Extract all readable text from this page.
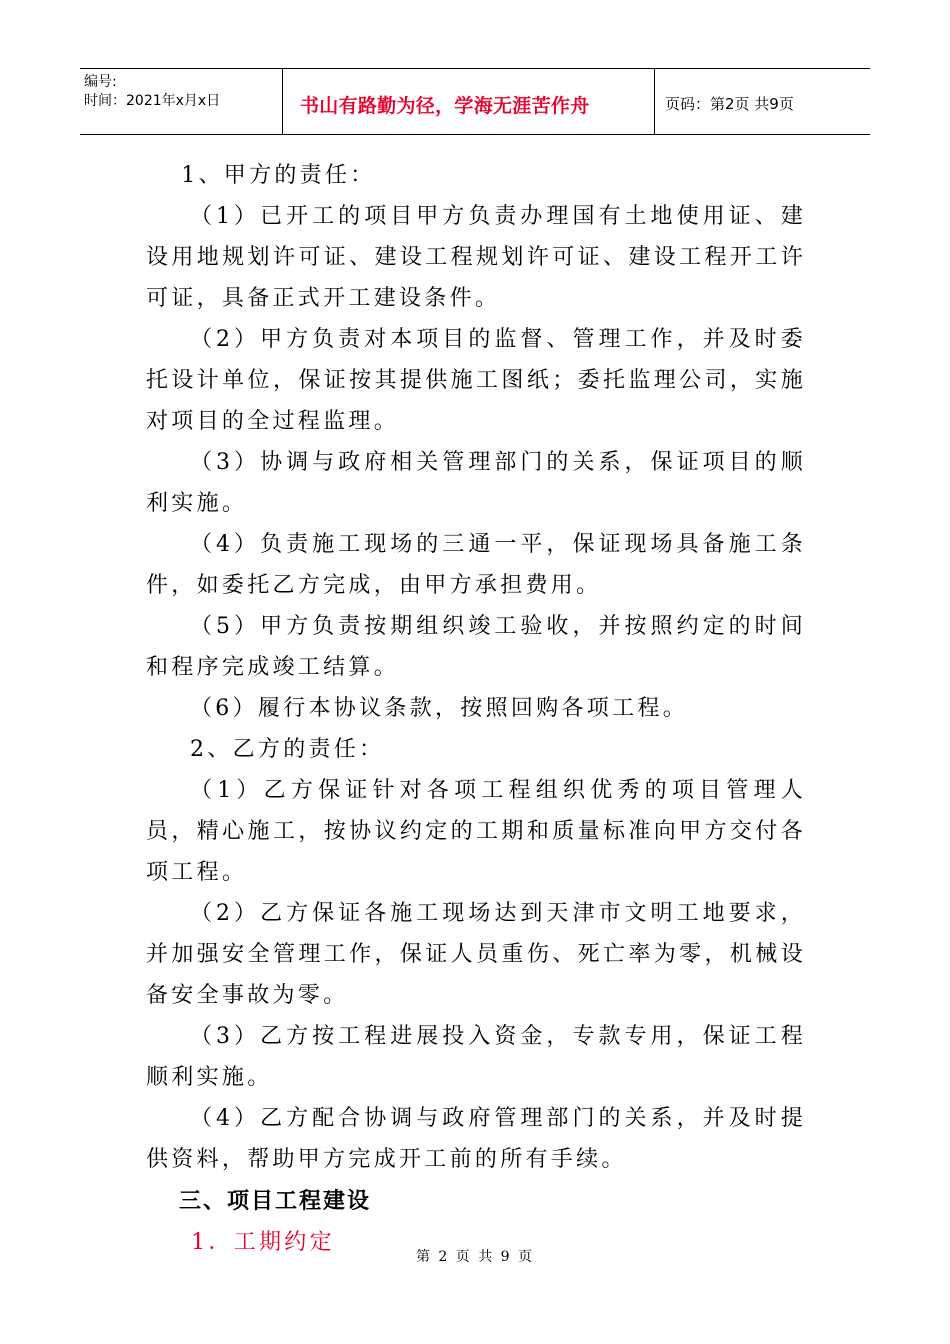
编号:
时间：2021年x月x日	书山有路勤为径，学海无涯苦作舟	页码：第2页 共9页

1、甲方的责任：

（1）已开工的项目甲方负责办理国有土地使用证、建设用地规划许可证、建设工程规划许可证、建设工程开工许可证，具备正式开工建设条件。

（2）甲方负责对本项目的监督、管理工作，并及时委托设计单位，保证按其提供施工图纸；委托监理公司，实施对项目的全过程监理。

（3）协调与政府相关管理部门的关系，保证项目的顺利实施。

（4）负责施工现场的三通一平，保证现场具备施工条件，如委托乙方完成，由甲方承担费用。

（5）甲方负责按期组织竣工验收，并按照约定的时间和程序完成竣工结算。

（6）履行本协议条款，按照回购各项工程。

2、乙方的责任：

（1）乙方保证针对各项工程组织优秀的项目管理人员，精心施工，按协议约定的工期和质量标准向甲方交付各项工程。

（2）乙方保证各施工现场达到天津市文明工地要求，并加强安全管理工作，保证人员重伤、死亡率为零，机械设备安全事故为零。

（3）乙方按工程进展投入资金，专款专用，保证工程顺利实施。

（4）乙方配合协调与政府管理部门的关系，并及时提供资料，帮助甲方完成开工前的所有手续。

三、项目工程建设

1．工期约定

第 2 页 共 9 页
